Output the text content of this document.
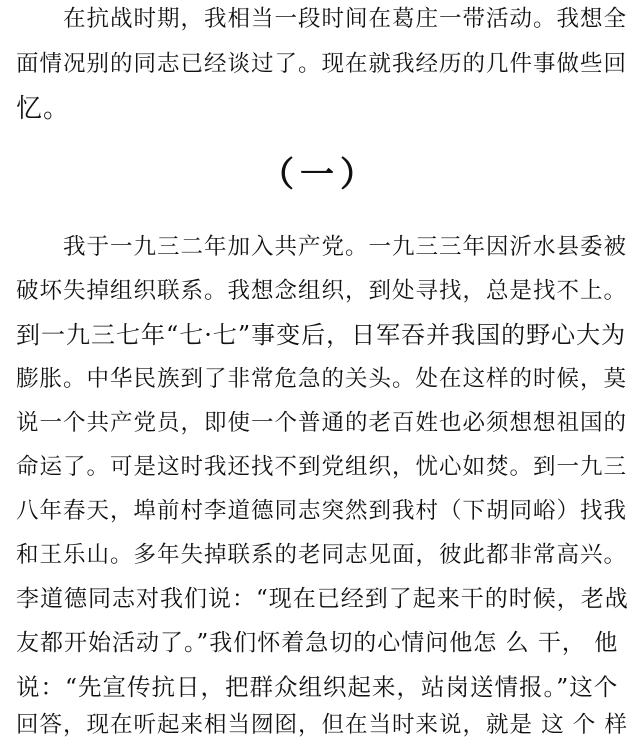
　　在抗战时期，我相当一段时间在葛庄一带活动。我想全
面情况别的同志已经谈过了。现在就我经历的几件事做些回
忆。
（一）
　　我于一九三二年加入共产党。一九三三年因沂水县委被
破坏失掉组织联系。我想念组织，到处寻找，总是找不上。
到一九三七年“七·七”事变后，日军吞并我国的野心大为
膨胀。中华民族到了非常危急的关头。处在这样的时候，莫
说一个共产党员，即使一个普通的老百姓也必须想想祖国的
命运了。可是这时我还找不到党组织，忧心如焚。到一九三
八年春天，埠前村李道德同志突然到我村（下胡同峪）找我
和王乐山。多年失掉联系的老同志见面，彼此都非常高兴。
李道德同志对我们说：“现在已经到了起来干的时候，老战
友都开始活动了。”我们怀着急切的心情问他怎 么 干， 他
说：“先宣传抗日，把群众组织起来，站岗送情报。”这个
回答，现在听起来相当囫囵，但在当时来说，就是 这 个 样
